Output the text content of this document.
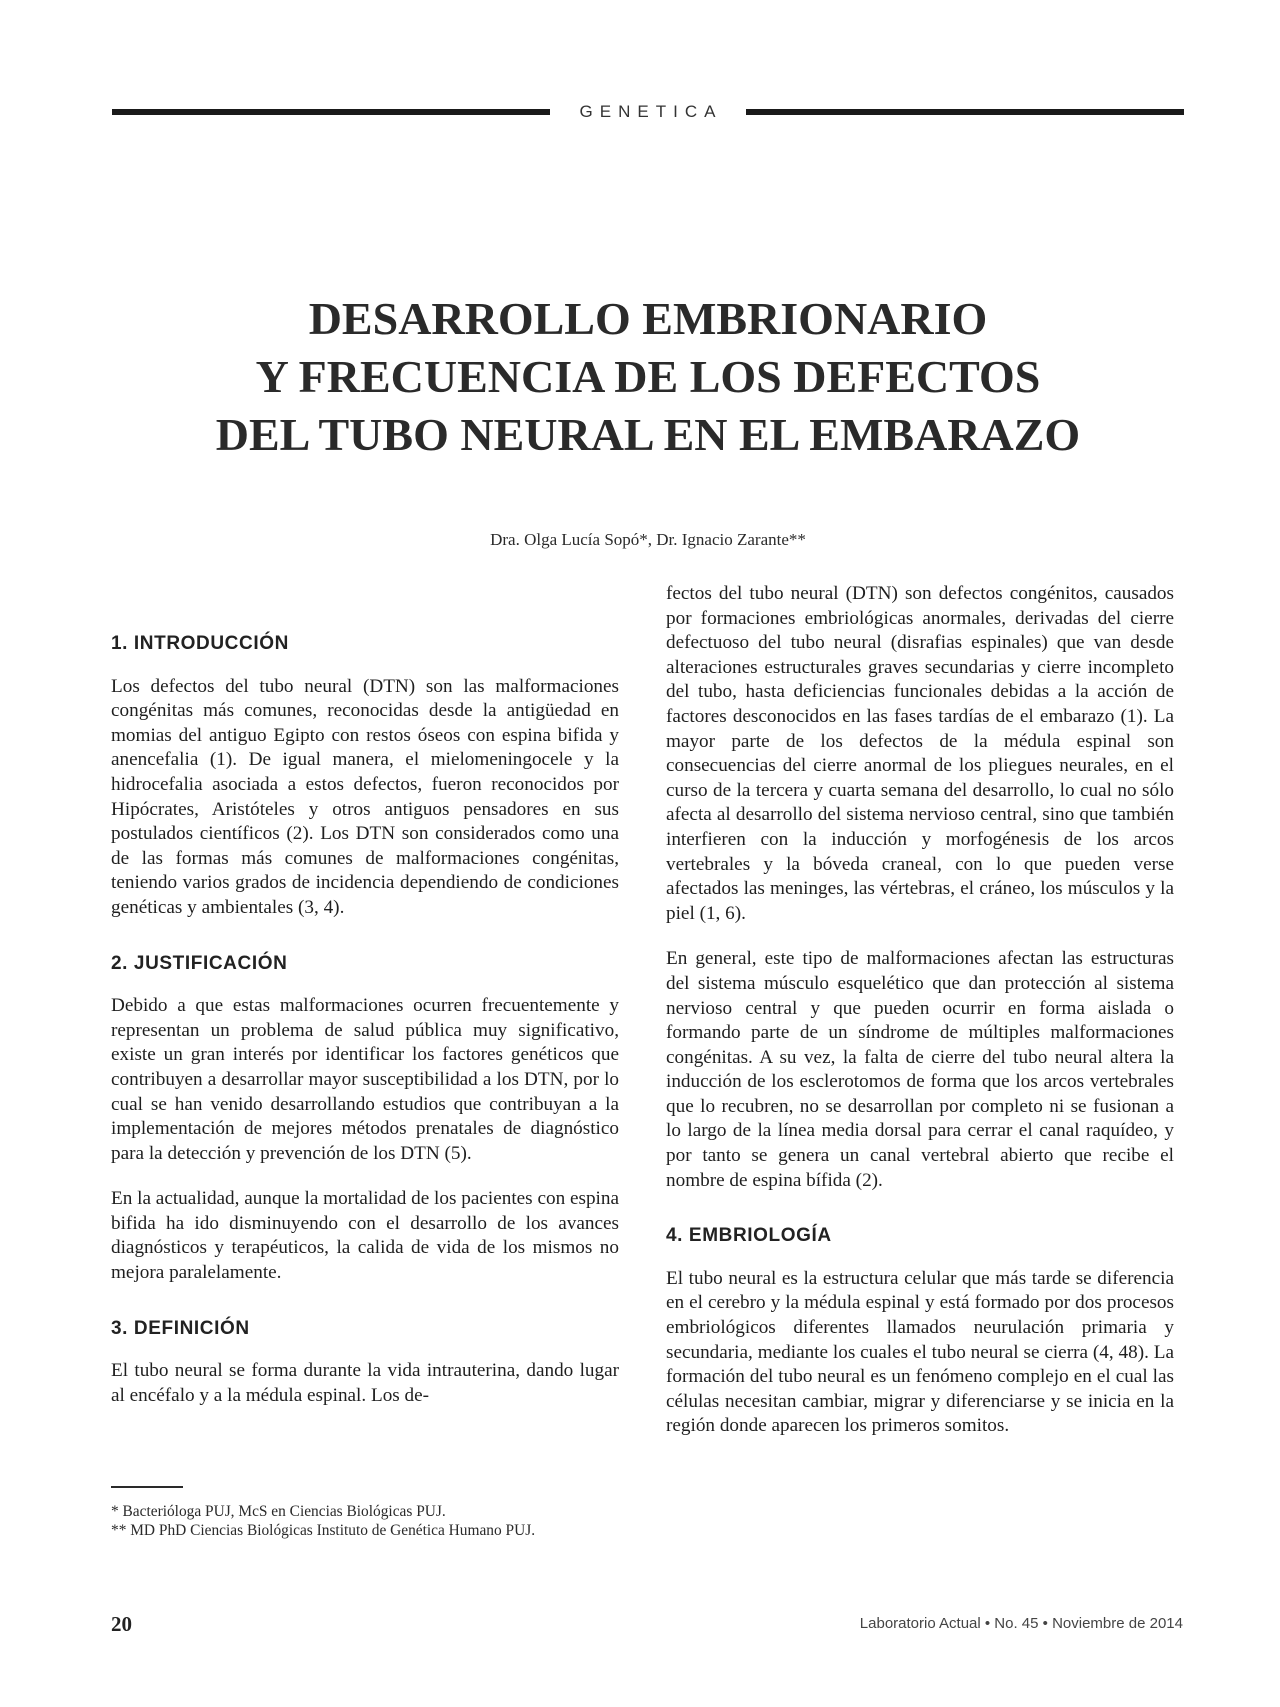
GENETICA
DESARROLLO EMBRIONARIO
Y FRECUENCIA DE LOS DEFECTOS
DEL TUBO NEURAL EN EL EMBARAZO
Dra. Olga Lucía Sopó*, Dr. Ignacio Zarante**
1. INTRODUCCIÓN

Los defectos del tubo neural (DTN) son las malformaciones congénitas más comunes, reconocidas desde la antigüedad en momias del antiguo Egipto con restos óseos con espina bifida y anencefalia (1). De igual manera, el mielomeningocele y la hidrocefalia asociada a estos defectos, fueron reconocidos por Hipócrates, Aristóteles y otros antiguos pensadores en sus postulados científicos (2). Los DTN son considerados como una de las formas más comunes de malformaciones congénitas, teniendo varios grados de incidencia dependiendo de condiciones genéticas y ambientales (3, 4).

2. JUSTIFICACIÓN

Debido a que estas malformaciones ocurren frecuentemente y representan un problema de salud pública muy significativo, existe un gran interés por identificar los factores genéticos que contribuyen a desarrollar mayor susceptibilidad a los DTN, por lo cual se han venido desarrollando estudios que contribuyan a la implementación de mejores métodos prenatales de diagnóstico para la detección y prevención de los DTN (5).

En la actualidad, aunque la mortalidad de los pacientes con espina bifida ha ido disminuyendo con el desarrollo de los avances diagnósticos y terapéuticos, la calida de vida de los mismos no mejora paralelamente.

3. DEFINICIÓN

El tubo neural se forma durante la vida intrauterina, dando lugar al encéfalo y a la médula espinal. Los de-

fectos del tubo neural (DTN) son defectos congénitos, causados por formaciones embriológicas anormales, derivadas del cierre defectuoso del tubo neural (disrafias espinales) que van desde alteraciones estructurales graves secundarias y cierre incompleto del tubo, hasta deficiencias funcionales debidas a la acción de factores desconocidos en las fases tardías de el embarazo (1). La mayor parte de los defectos de la médula espinal son consecuencias del cierre anormal de los pliegues neurales, en el curso de la tercera y cuarta semana del desarrollo, lo cual no sólo afecta al desarrollo del sistema nervioso central, sino que también interfieren con la inducción y morfogénesis de los arcos vertebrales y la bóveda craneal, con lo que pueden verse afectados las meninges, las vértebras, el cráneo, los músculos y la piel (1, 6).

En general, este tipo de malformaciones afectan las estructuras del sistema músculo esquelético que dan protección al sistema nervioso central y que pueden ocurrir en forma aislada o formando parte de un síndrome de múltiples malformaciones congénitas. A su vez, la falta de cierre del tubo neural altera la inducción de los esclerotomos de forma que los arcos vertebrales que lo recubren, no se desarrollan por completo ni se fusionan a lo largo de la línea media dorsal para cerrar el canal raquídeo, y por tanto se genera un canal vertebral abierto que recibe el nombre de espina bífida (2).

4. EMBRIOLOGÍA

El tubo neural es la estructura celular que más tarde se diferencia en el cerebro y la médula espinal y está formado por dos procesos embriológicos diferentes llamados neurulación primaria y secundaria, mediante los cuales el tubo neural se cierra (4, 48). La formación del tubo neural es un fenómeno complejo en el cual las células necesitan cambiar, migrar y diferenciarse y se inicia en la región donde aparecen los primeros somitos.

* Bacterióloga PUJ, McS en Ciencias Biológicas PUJ.

** MD PhD Ciencias Biológicas Instituto de Genética Humano PUJ.

20	Laboratorio Actual • No. 45 • Noviembre de 2014
